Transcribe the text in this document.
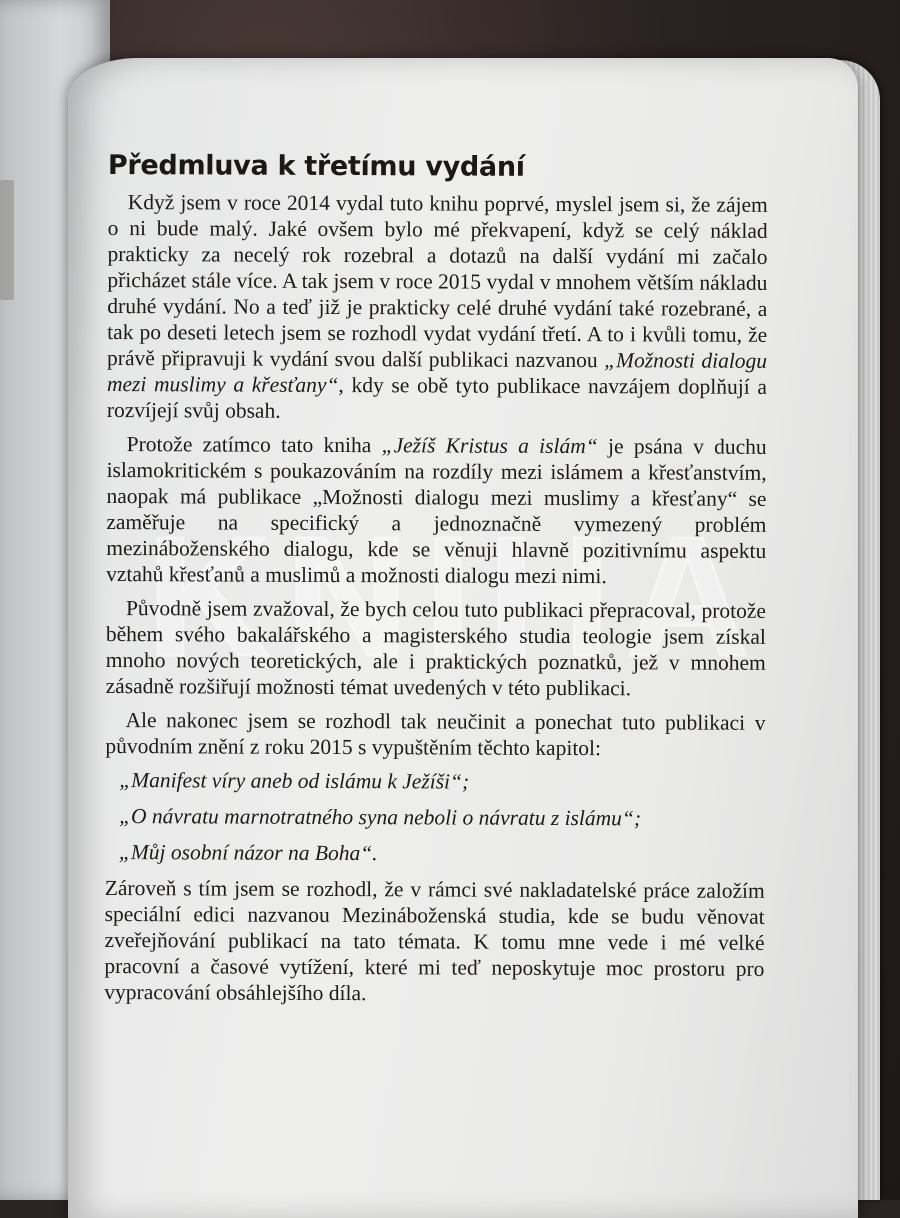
K N I H A
Předmluva k třetímu vydání

Když jsem v roce 2014 vydal tuto knihu poprvé, myslel jsem si, že zájem o ni bude malý. Jaké ovšem bylo mé překvapení, když se celý náklad prakticky za necelý rok rozebral a dotazů na další vydání mi začalo přicházet stále více. A tak jsem v roce 2015 vydal v mnohem větším nákladu druhé vydání. No a teď již je prakticky celé druhé vydání také rozebrané, a tak po deseti letech jsem se rozhodl vydat vydání třetí. A to i kvůli tomu, že právě připravuji k vydání svou další publikaci nazvanou „Možnosti dialogu mezi muslimy a křesťany“, kdy se obě tyto publikace navzájem doplňují a rozvíjejí svůj obsah.

Protože zatímco tato kniha „Ježíš Kristus a islám“ je psána v duchu islamokritickém s poukazováním na rozdíly mezi islámem a křesťanstvím, naopak má publikace „Možnosti dialogu mezi muslimy a křesťany“ se zaměřuje na specifický a jednoznačně vymezený problém mezináboženského dialogu, kde se věnuji hlavně pozitivnímu aspektu vztahů křesťanů a muslimů a možnosti dialogu mezi nimi.

Původně jsem zvažoval, že bych celou tuto publikaci přepracoval, protože během svého bakalářského a magisterského studia teologie jsem získal mnoho nových teoretických, ale i praktických poznatků, jež v mnohem zásadně rozšiřují možnosti témat uvedených v této publikaci.

Ale nakonec jsem se rozhodl tak neučinit a ponechat tuto publikaci v původním znění z roku 2015 s vypuštěním těchto kapitol:

„Manifest víry aneb od islámu k Ježíši“;
„O návratu marnotratného syna neboli o návratu z islámu“;
„Můj osobní názor na Boha“.

Zároveň s tím jsem se rozhodl, že v rámci své nakladatelské práce založím speciální edici nazvanou Mezináboženská studia, kde se budu věnovat zveřejňování publikací na tato témata. K tomu mne vede i mé velké pracovní a časové vytížení, které mi teď neposkytuje moc prostoru pro vypracování obsáhlejšího díla.
